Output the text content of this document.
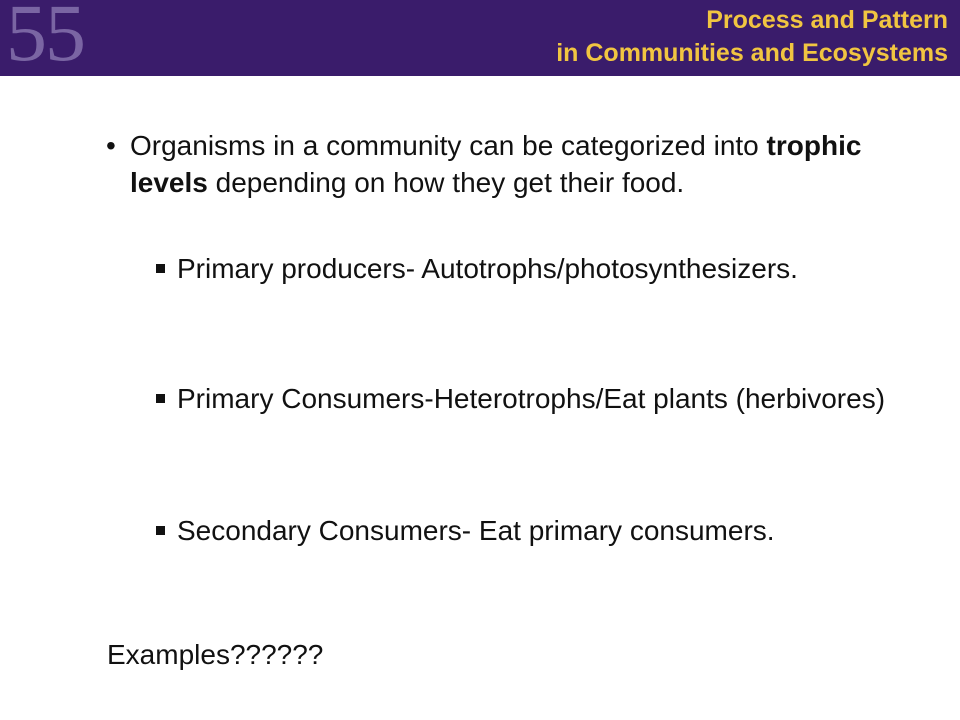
55	Process and Pattern
in Communities and Ecosystems
• Organisms in a community can be categorized into trophic levels depending on how they get their food.
Primary producers- Autotrophs/photosynthesizers.
Primary Consumers-Heterotrophs/Eat plants (herbivores)
Secondary Consumers- Eat primary consumers.
Examples??????
